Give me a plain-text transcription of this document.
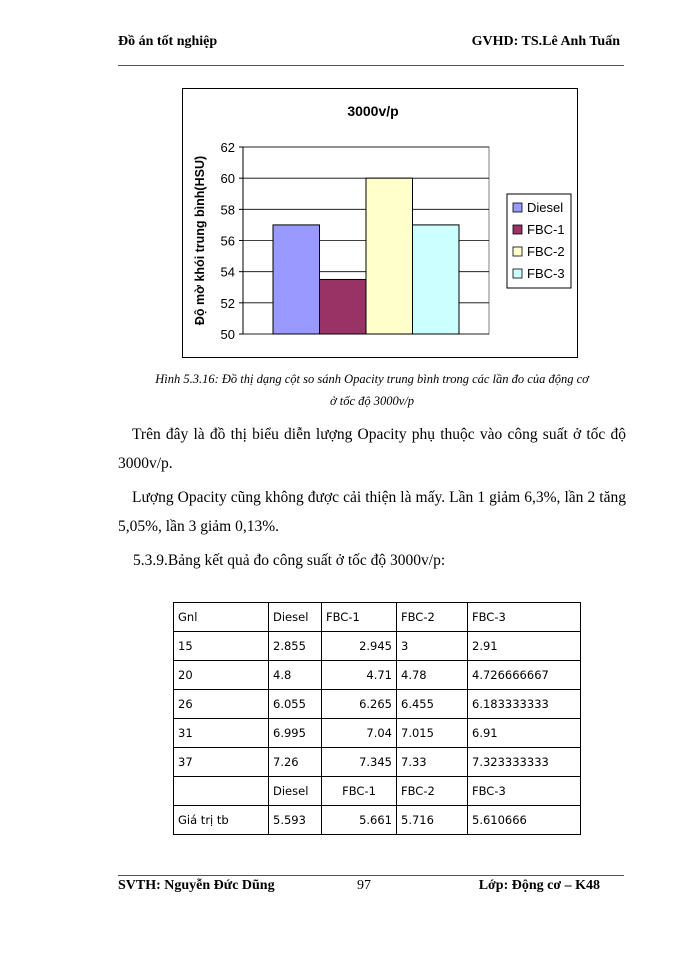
Đồ án tốt nghiệp	GVHD: TS.Lê Anh Tuấn
3000v/p
50
52
54
56
58
60
62
Độ mờ khói trung bình(HSU)	Diesel
FBC-1
FBC-2
FBC-3
Hình 5.3.16: Đồ thị dạng cột so sánh Opacity trung bình trong các lần đo của động cơ
ở tốc độ 3000v/p
Trên đây là đồ thị biểu diễn lượng Opacity phụ thuộc vào công suất ở tốc độ 3000v/p.
Lượng Opacity cũng không được cải thiện là mấy. Lần 1 giảm 6,3%, lần 2 tăng 5,05%, lần 3 giảm 0,13%.
5.3.9.Bảng kết quả đo công suất ở tốc độ 3000v/p:
Gnl	Diesel	FBC-1	FBC-2	FBC-3
15	2.855	2.945	3	2.91
20	4.8	4.71	4.78	4.726666667
26	6.055	6.265	6.455	6.183333333
31	6.995	7.04	7.015	6.91
37	7.26	7.345	7.33	7.323333333
	Diesel	FBC-1	FBC-2	FBC-3
Giá trị tb	5.593	5.661	5.716	5.610666
SVTH: Nguyễn Đức Dũng	97	Lớp: Động cơ – K48
